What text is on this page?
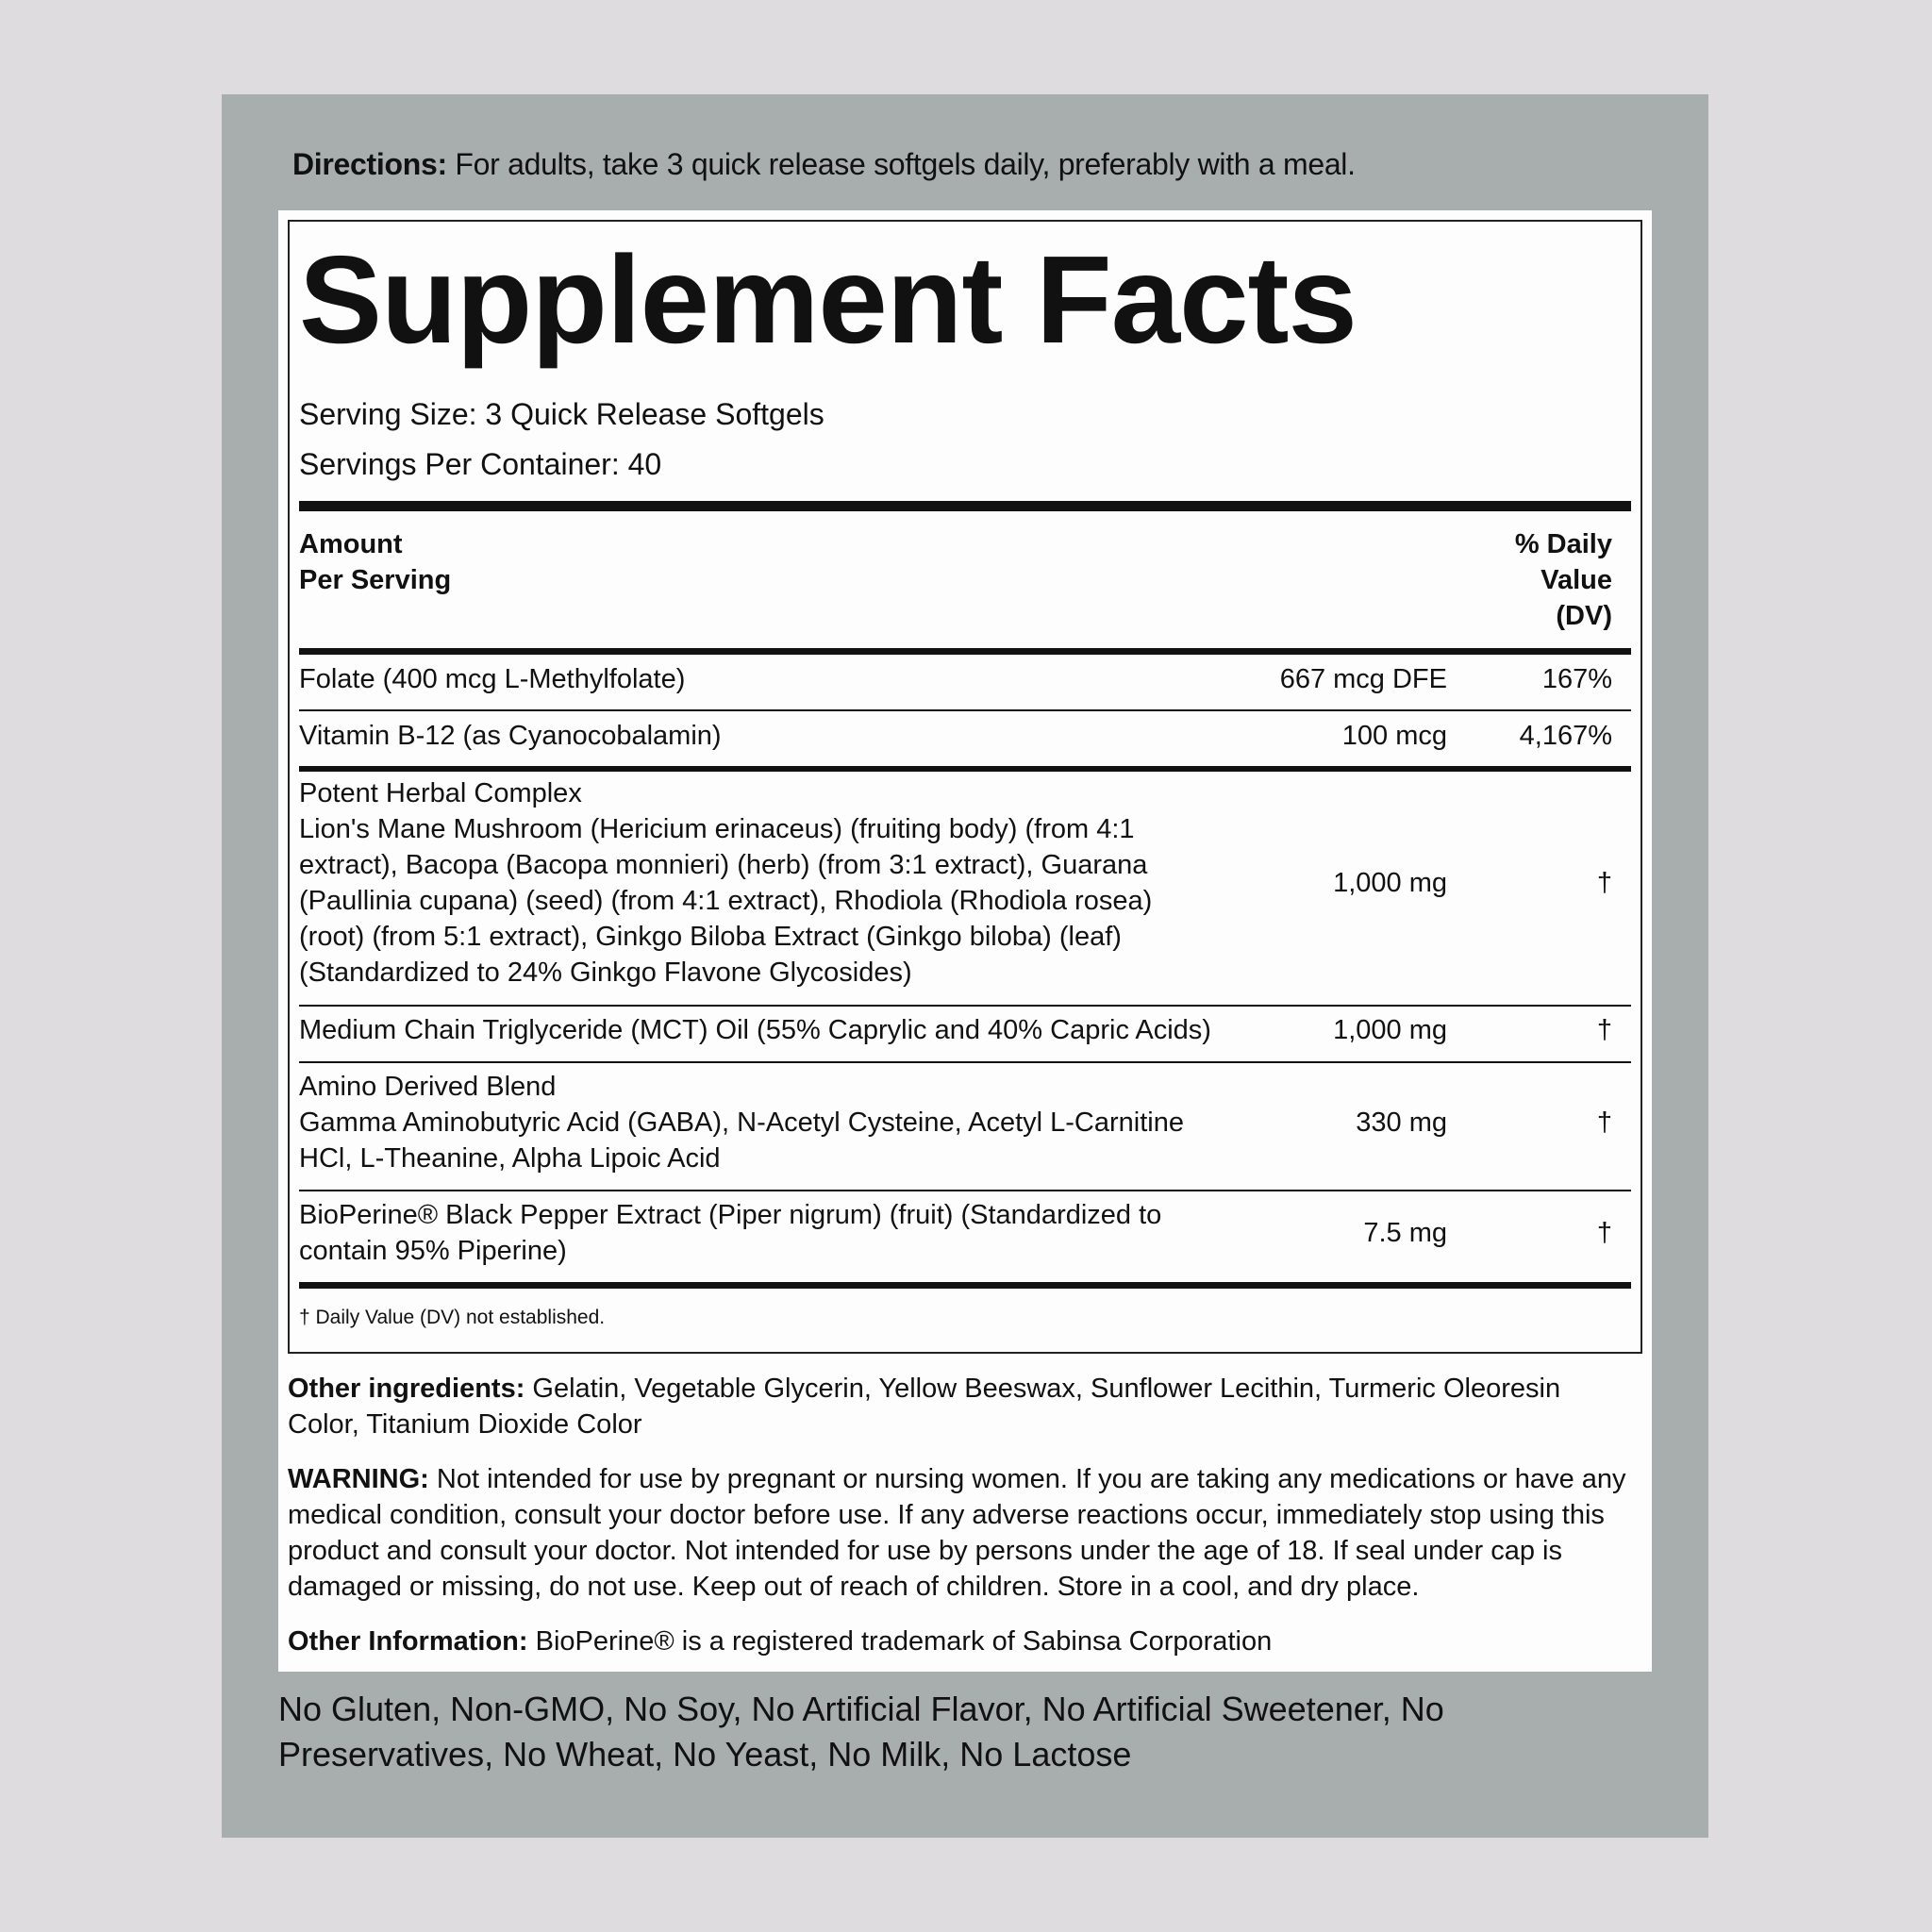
Directions: For adults, take 3 quick release softgels daily, preferably with a meal.
Supplement Facts
Serving Size: 3 Quick Release Softgels
Servings Per Container: 40
Amount
Per Serving
% Daily
Value
(DV)
Folate (400 mcg L-Methylfolate)	667 mcg DFE	167%
Vitamin B-12 (as Cyanocobalamin)	100 mcg	4,167%
Potent Herbal Complex
Lion's Mane Mushroom (Hericium erinaceus) (fruiting body) (from 4:1 extract), Bacopa (Bacopa monnieri) (herb) (from 3:1 extract), Guarana (Paullinia cupana) (seed) (from 4:1 extract), Rhodiola (Rhodiola rosea) (root) (from 5:1 extract), Ginkgo Biloba Extract (Ginkgo biloba) (leaf) (Standardized to 24% Ginkgo Flavone Glycosides)
1,000 mg	†
Medium Chain Triglyceride (MCT) Oil (55% Caprylic and 40% Capric Acids)	1,000 mg	†
Amino Derived Blend
Gamma Aminobutyric Acid (GABA), N-Acetyl Cysteine, Acetyl L-Carnitine HCl, L-Theanine, Alpha Lipoic Acid
330 mg	†
BioPerine® Black Pepper Extract (Piper nigrum) (fruit) (Standardized to contain 95% Piperine)
7.5 mg	†
† Daily Value (DV) not established.
Other ingredients: Gelatin, Vegetable Glycerin, Yellow Beeswax, Sunflower Lecithin, Turmeric Oleoresin Color, Titanium Dioxide Color
WARNING: Not intended for use by pregnant or nursing women. If you are taking any medications or have any medical condition, consult your doctor before use. If any adverse reactions occur, immediately stop using this product and consult your doctor. Not intended for use by persons under the age of 18. If seal under cap is damaged or missing, do not use. Keep out of reach of children. Store in a cool, and dry place.
Other Information: BioPerine® is a registered trademark of Sabinsa Corporation
No Gluten, Non-GMO, No Soy, No Artificial Flavor, No Artificial Sweetener, No Preservatives, No Wheat, No Yeast, No Milk, No Lactose
